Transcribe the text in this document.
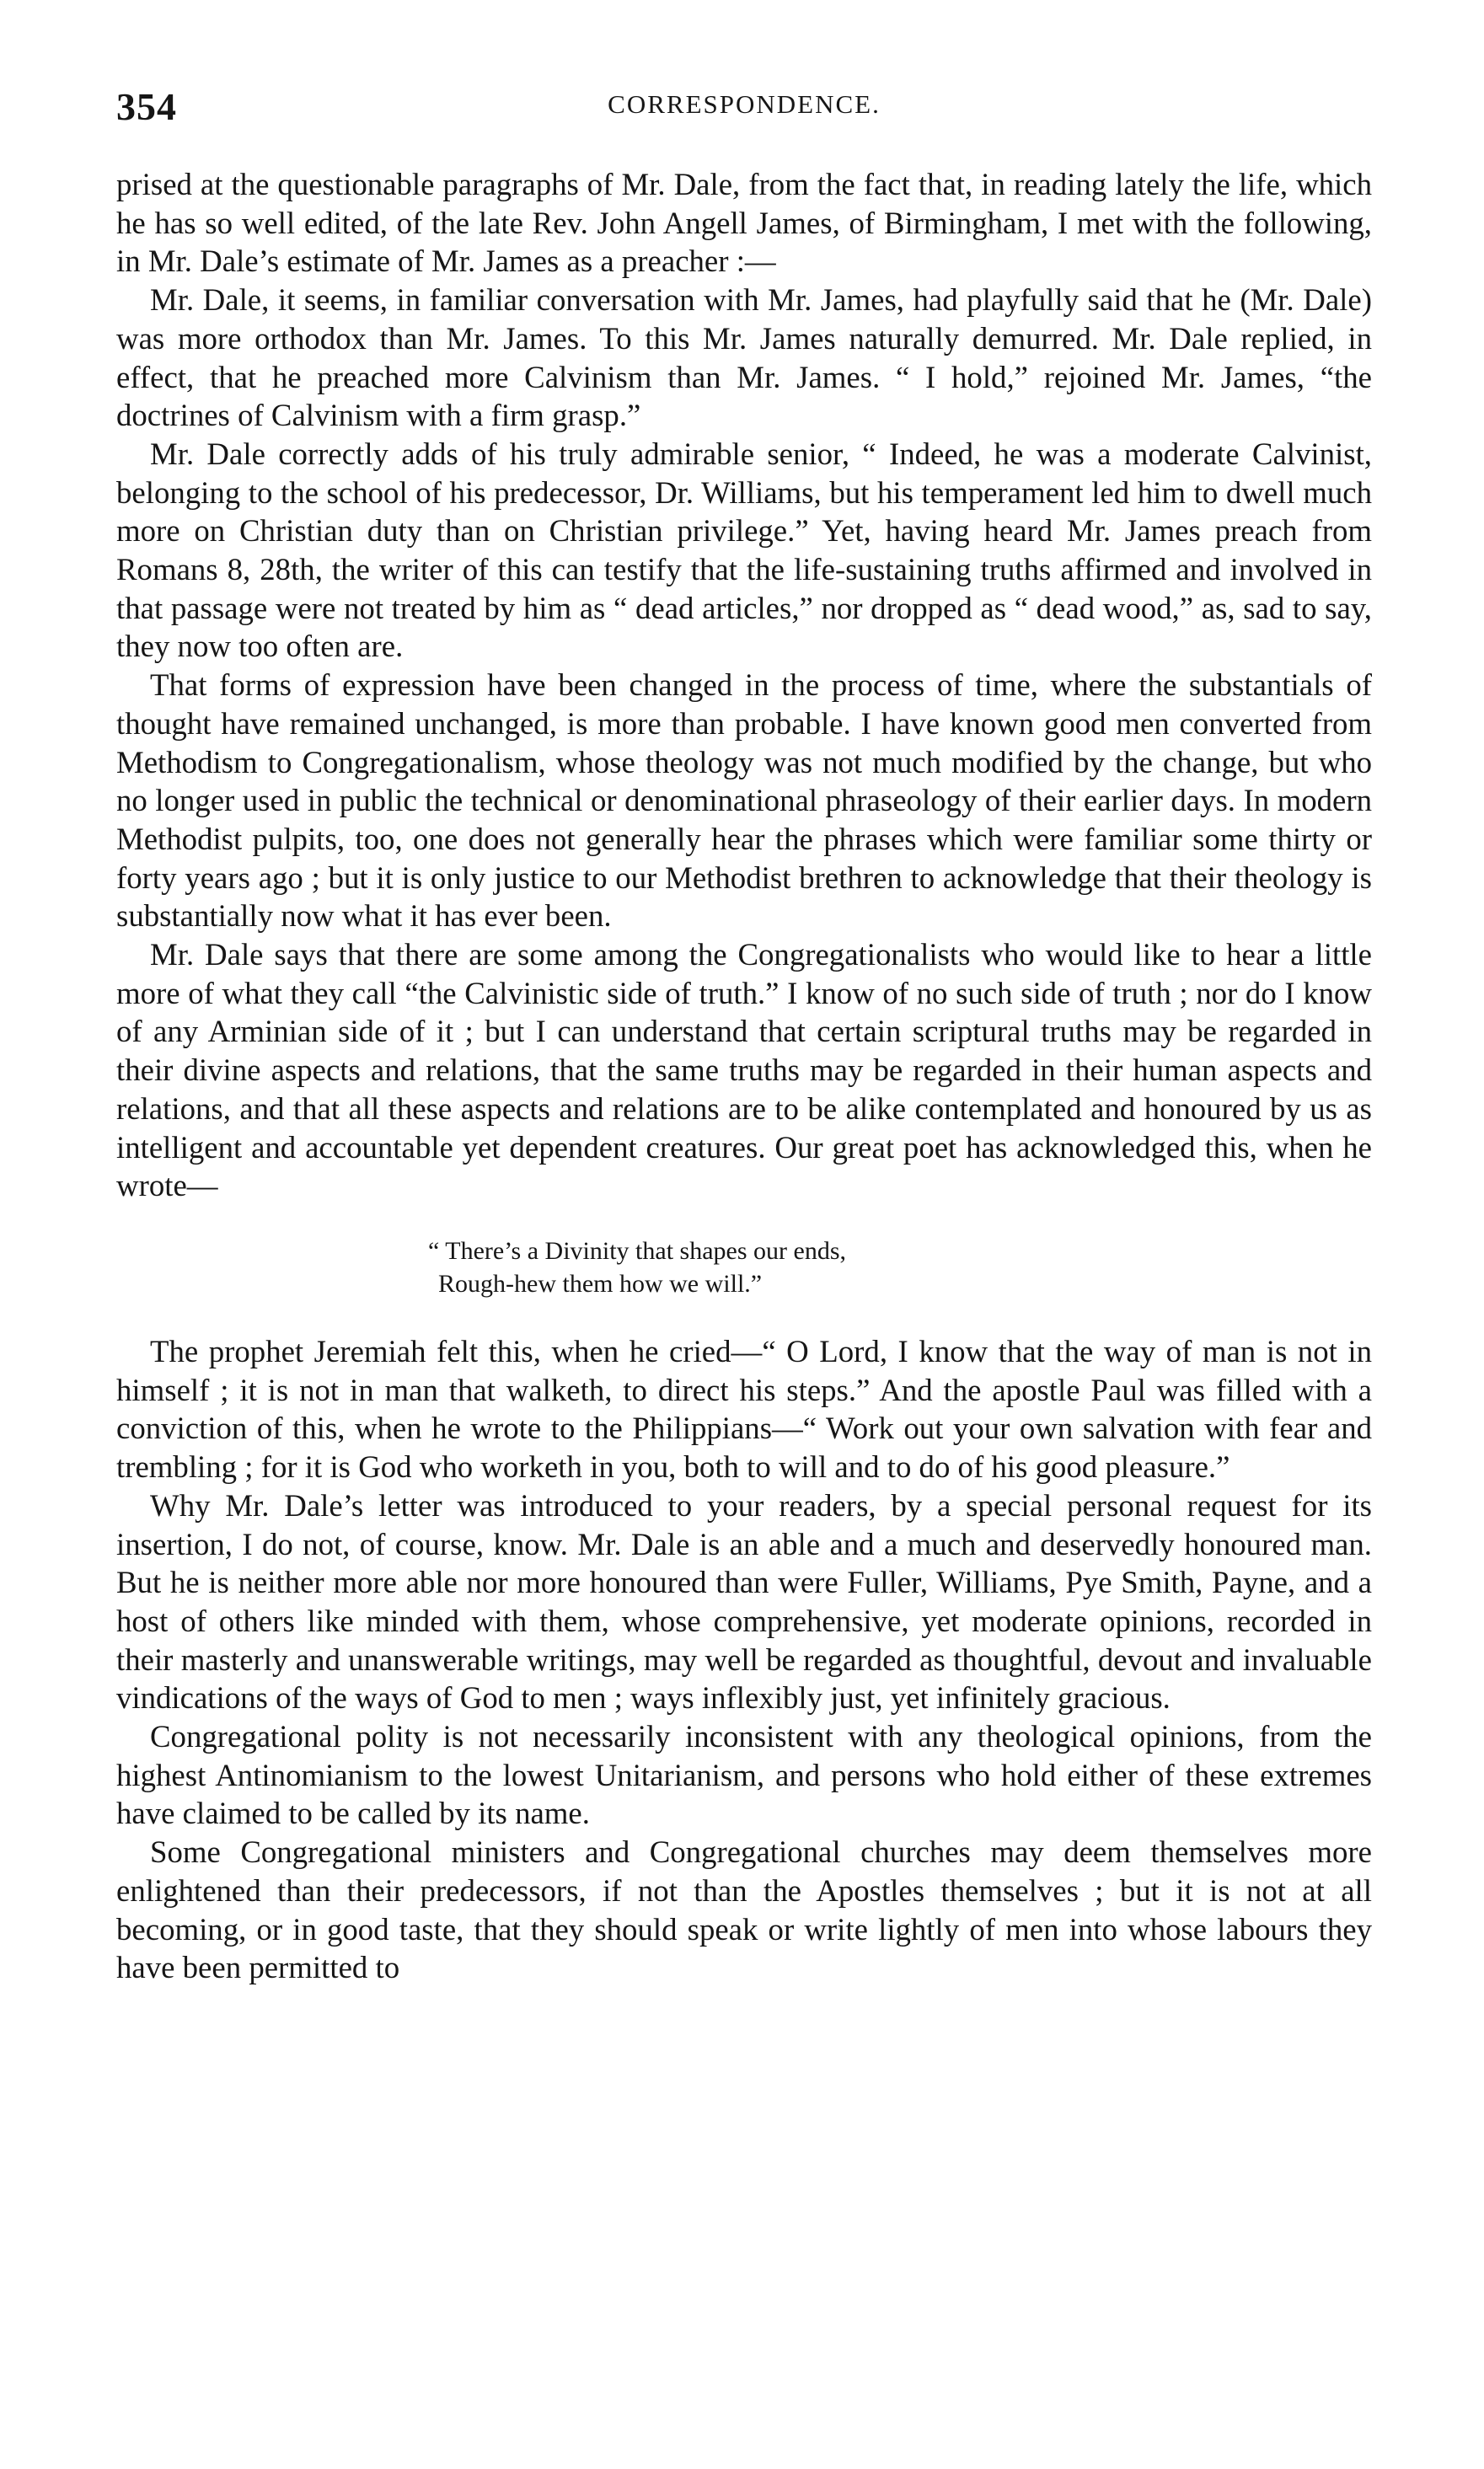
354	CORRESPONDENCE.

prised at the questionable paragraphs of Mr. Dale, from the fact that, in reading lately the life, which he has so well edited, of the late Rev. John Angell James, of Birmingham, I met with the following, in Mr. Dale’s estimate of Mr. James as a preacher :—

Mr. Dale, it seems, in familiar conversation with Mr. James, had playfully said that he (Mr. Dale) was more orthodox than Mr. James. To this Mr. James naturally demurred. Mr. Dale replied, in effect, that he preached more Calvinism than Mr. James. “ I hold,” rejoined Mr. James, “the doctrines of Calvinism with a firm grasp.”

Mr. Dale correctly adds of his truly admirable senior, “ Indeed, he was a moderate Calvinist, belonging to the school of his predecessor, Dr. Williams, but his temperament led him to dwell much more on Christian duty than on Christian privilege.” Yet, having heard Mr. James preach from Romans 8, 28th, the writer of this can testify that the life-sustaining truths affirmed and involved in that passage were not treated by him as “ dead articles,” nor dropped as “ dead wood,” as, sad to say, they now too often are.

That forms of expression have been changed in the process of time, where the substantials of thought have remained unchanged, is more than probable. I have known good men converted from Methodism to Congregationalism, whose theology was not much modified by the change, but who no longer used in public the technical or denominational phraseology of their earlier days. In modern Methodist pulpits, too, one does not generally hear the phrases which were familiar some thirty or forty years ago ; but it is only justice to our Methodist brethren to acknowledge that their theology is substantially now what it has ever been.

Mr. Dale says that there are some among the Congregationalists who would like to hear a little more of what they call “the Calvinistic side of truth.” I know of no such side of truth ; nor do I know of any Arminian side of it ; but I can understand that certain scriptural truths may be regarded in their divine aspects and relations, that the same truths may be regarded in their human aspects and relations, and that all these aspects and relations are to be alike contemplated and honoured by us as intelligent and accountable yet dependent creatures. Our great poet has acknowledged this, when he wrote—

“ There’s a Divinity that shapes our ends,
Rough-hew them how we will.”

The prophet Jeremiah felt this, when he cried—“ O Lord, I know that the way of man is not in himself ; it is not in man that walketh, to direct his steps.” And the apostle Paul was filled with a conviction of this, when he wrote to the Philippians—“ Work out your own salvation with fear and trembling ; for it is God who worketh in you, both to will and to do of his good pleasure.”

Why Mr. Dale’s letter was introduced to your readers, by a special personal request for its insertion, I do not, of course, know. Mr. Dale is an able and a much and deservedly honoured man. But he is neither more able nor more honoured than were Fuller, Williams, Pye Smith, Payne, and a host of others like minded with them, whose comprehensive, yet moderate opinions, recorded in their masterly and unanswerable writings, may well be regarded as thoughtful, devout and invaluable vindications of the ways of God to men ; ways inflexibly just, yet infinitely gracious.

Congregational polity is not necessarily inconsistent with any theological opinions, from the highest Antinomianism to the lowest Unitarianism, and persons who hold either of these extremes have claimed to be called by its name.

Some Congregational ministers and Congregational churches may deem themselves more enlightened than their predecessors, if not than the Apostles themselves ; but it is not at all becoming, or in good taste, that they should speak or write lightly of men into whose labours they have been permitted to
